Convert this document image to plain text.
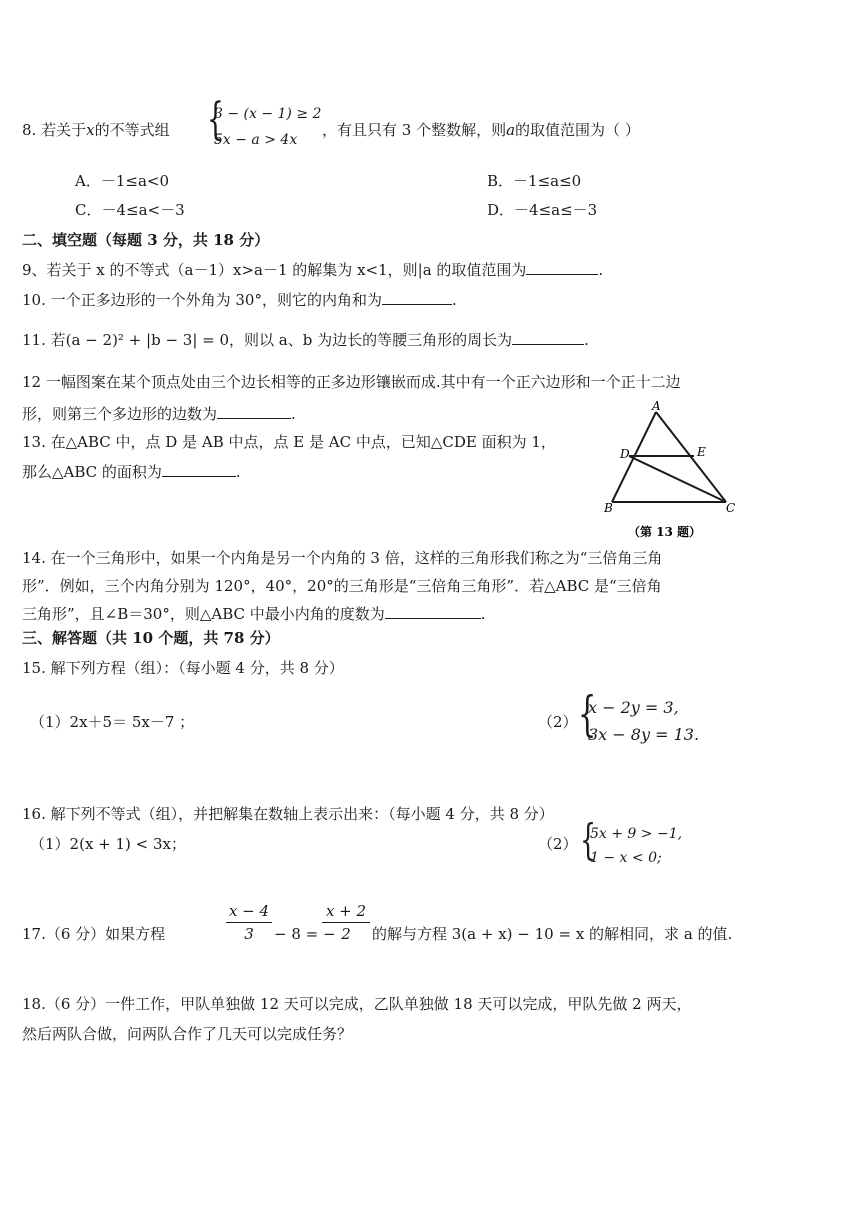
8. 若关于x的不等式组 {
3 − (x − 1) ≥ 2
5x − a > 4x
，有且只有 3 个整数解，则a的取值范围为（ ）
A．－1≤a<0	B．－1≤a≤0
C．－4≤a<－3	D．－4≤a≤－3
二、填空题（每题 3 分，共 18 分）
9、若关于 x 的不等式（a－1）x>a－1 的解集为 x<1，则|a 的取值范围为	.
10. 一个正多边形的一个外角为 30°，则它的内角和为	.
11. 若(a − 2)² + |b − 3| = 0，则以 a、b 为边长的等腰三角形的周长为	.
12 一幅图案在某个顶点处由三个边长相等的正多边形镶嵌而成.其中有一个正六边形和一个正十二边
形，则第三个多边形的边数为	.
13. 在△ABC 中，点 D 是 AB 中点，点 E 是 AC 中点，已知△CDE 面积为 1，
那么△ABC 的面积为	.
A
D	E
B	C
（第 13 题）
14. 在一个三角形中，如果一个内角是另一个内角的 3 倍，这样的三角形我们称之为“三倍角三角
形”．例如，三个内角分别为 120°，40°，20°的三角形是“三倍角三角形”．若△ABC 是“三倍角
三角形”，且∠B＝30°，则△ABC 中最小内角的度数为	.
三、解答题（共 10 个题，共 78 分）
15. 解下列方程（组）：（每小题 4 分，共 8 分）
（1）2x＋5＝ 5x－7 ；	（2） {
x − 2y = 3,
3x − 8y = 13.
16. 解下列不等式（组），并把解集在数轴上表示出来：（每小题 4 分，共 8 分）
（1）2(x + 1) < 3x；	（2） {
5x + 9 > −1,
1 − x < 0;
17.（6 分）如果方程	$\frac{x - 4}{3} - 8$ = −
$\frac{x + 2}{2}$ 的解与方程 3(a + x) − 10 = x 的解相同，求 a 的值.
18.（6 分）一件工作，甲队单独做 12 天可以完成，乙队单独做 18 天可以完成，甲队先做 2 两天，
然后两队合做，问两队合作了几天可以完成任务？
